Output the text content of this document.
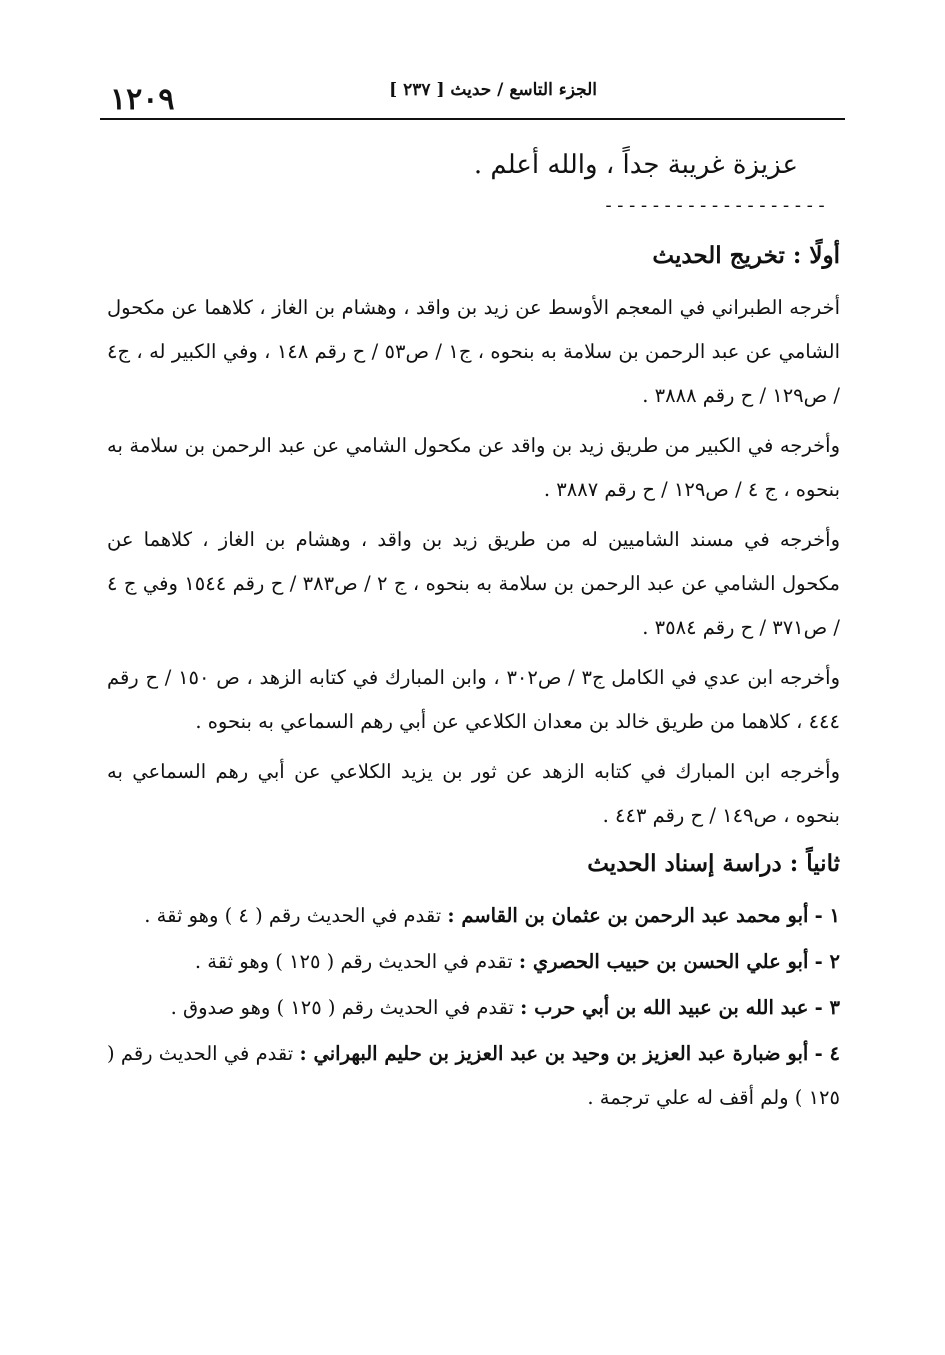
١٢٠٩	الجزء التاسع / حديث [ ٢٣٧ ]

عزيزة غريبة جداً ، والله أعلم .

-------------------
أولًا : تخريج الحديث

أخرجه الطبراني في المعجم الأوسط عن زيد بن واقد ، وهشام بن الغاز ، كلاهما عن مكحول الشامي عن عبد الرحمن بن سلامة به بنحوه ، ج١ / ص٥٣ / ح رقم ١٤٨ ، وفي الكبير له ، ج٤ / ص١٢٩ / ح رقم ٣٨٨٨ .

وأخرجه في الكبير من طريق زيد بن واقد عن مكحول الشامي عن عبد الرحمن بن سلامة به بنحوه ، ج ٤ / ص١٢٩ / ح رقم ٣٨٨٧ .

وأخرجه في مسند الشاميين له من طريق زيد بن واقد ، وهشام بن الغاز ، كلاهما عن مكحول الشامي عن عبد الرحمن بن سلامة به بنحوه ، ج ٢ / ص٣٨٣ / ح رقم ١٥٤٤ وفي ج ٤ / ص٣٧١ / ح رقم ٣٥٨٤ .

وأخرجه ابن عدي في الكامل ج٣ / ص٣٠٢ ، وابن المبارك في كتابه الزهد ، ص ١٥٠ / ح رقم ٤٤٤ ، كلاهما من طريق خالد بن معدان الكلاعي عن أبي رهم السماعي به بنحوه .

وأخرجه ابن المبارك في كتابه الزهد عن ثور بن يزيد الكلاعي عن أبي رهم السماعي به بنحوه ، ص١٤٩ / ح رقم ٤٤٣ .

ثانياً : دراسة إسناد الحديث

١ - أبو محمد عبد الرحمن بن عثمان بن القاسم : تقدم في الحديث رقم ( ٤ ) وهو ثقة .

٢ - أبو علي الحسن بن حبيب الحصري : تقدم في الحديث رقم ( ١٢٥ ) وهو ثقة .

٣ - عبد الله بن عبيد الله بن أبي حرب : تقدم في الحديث رقم ( ١٢٥ ) وهو صدوق .

٤ - أبو ضبارة عبد العزيز بن وحيد بن عبد العزيز بن حليم البهراني : تقدم في الحديث رقم ( ١٢٥ ) ولم أقف له علي ترجمة .
